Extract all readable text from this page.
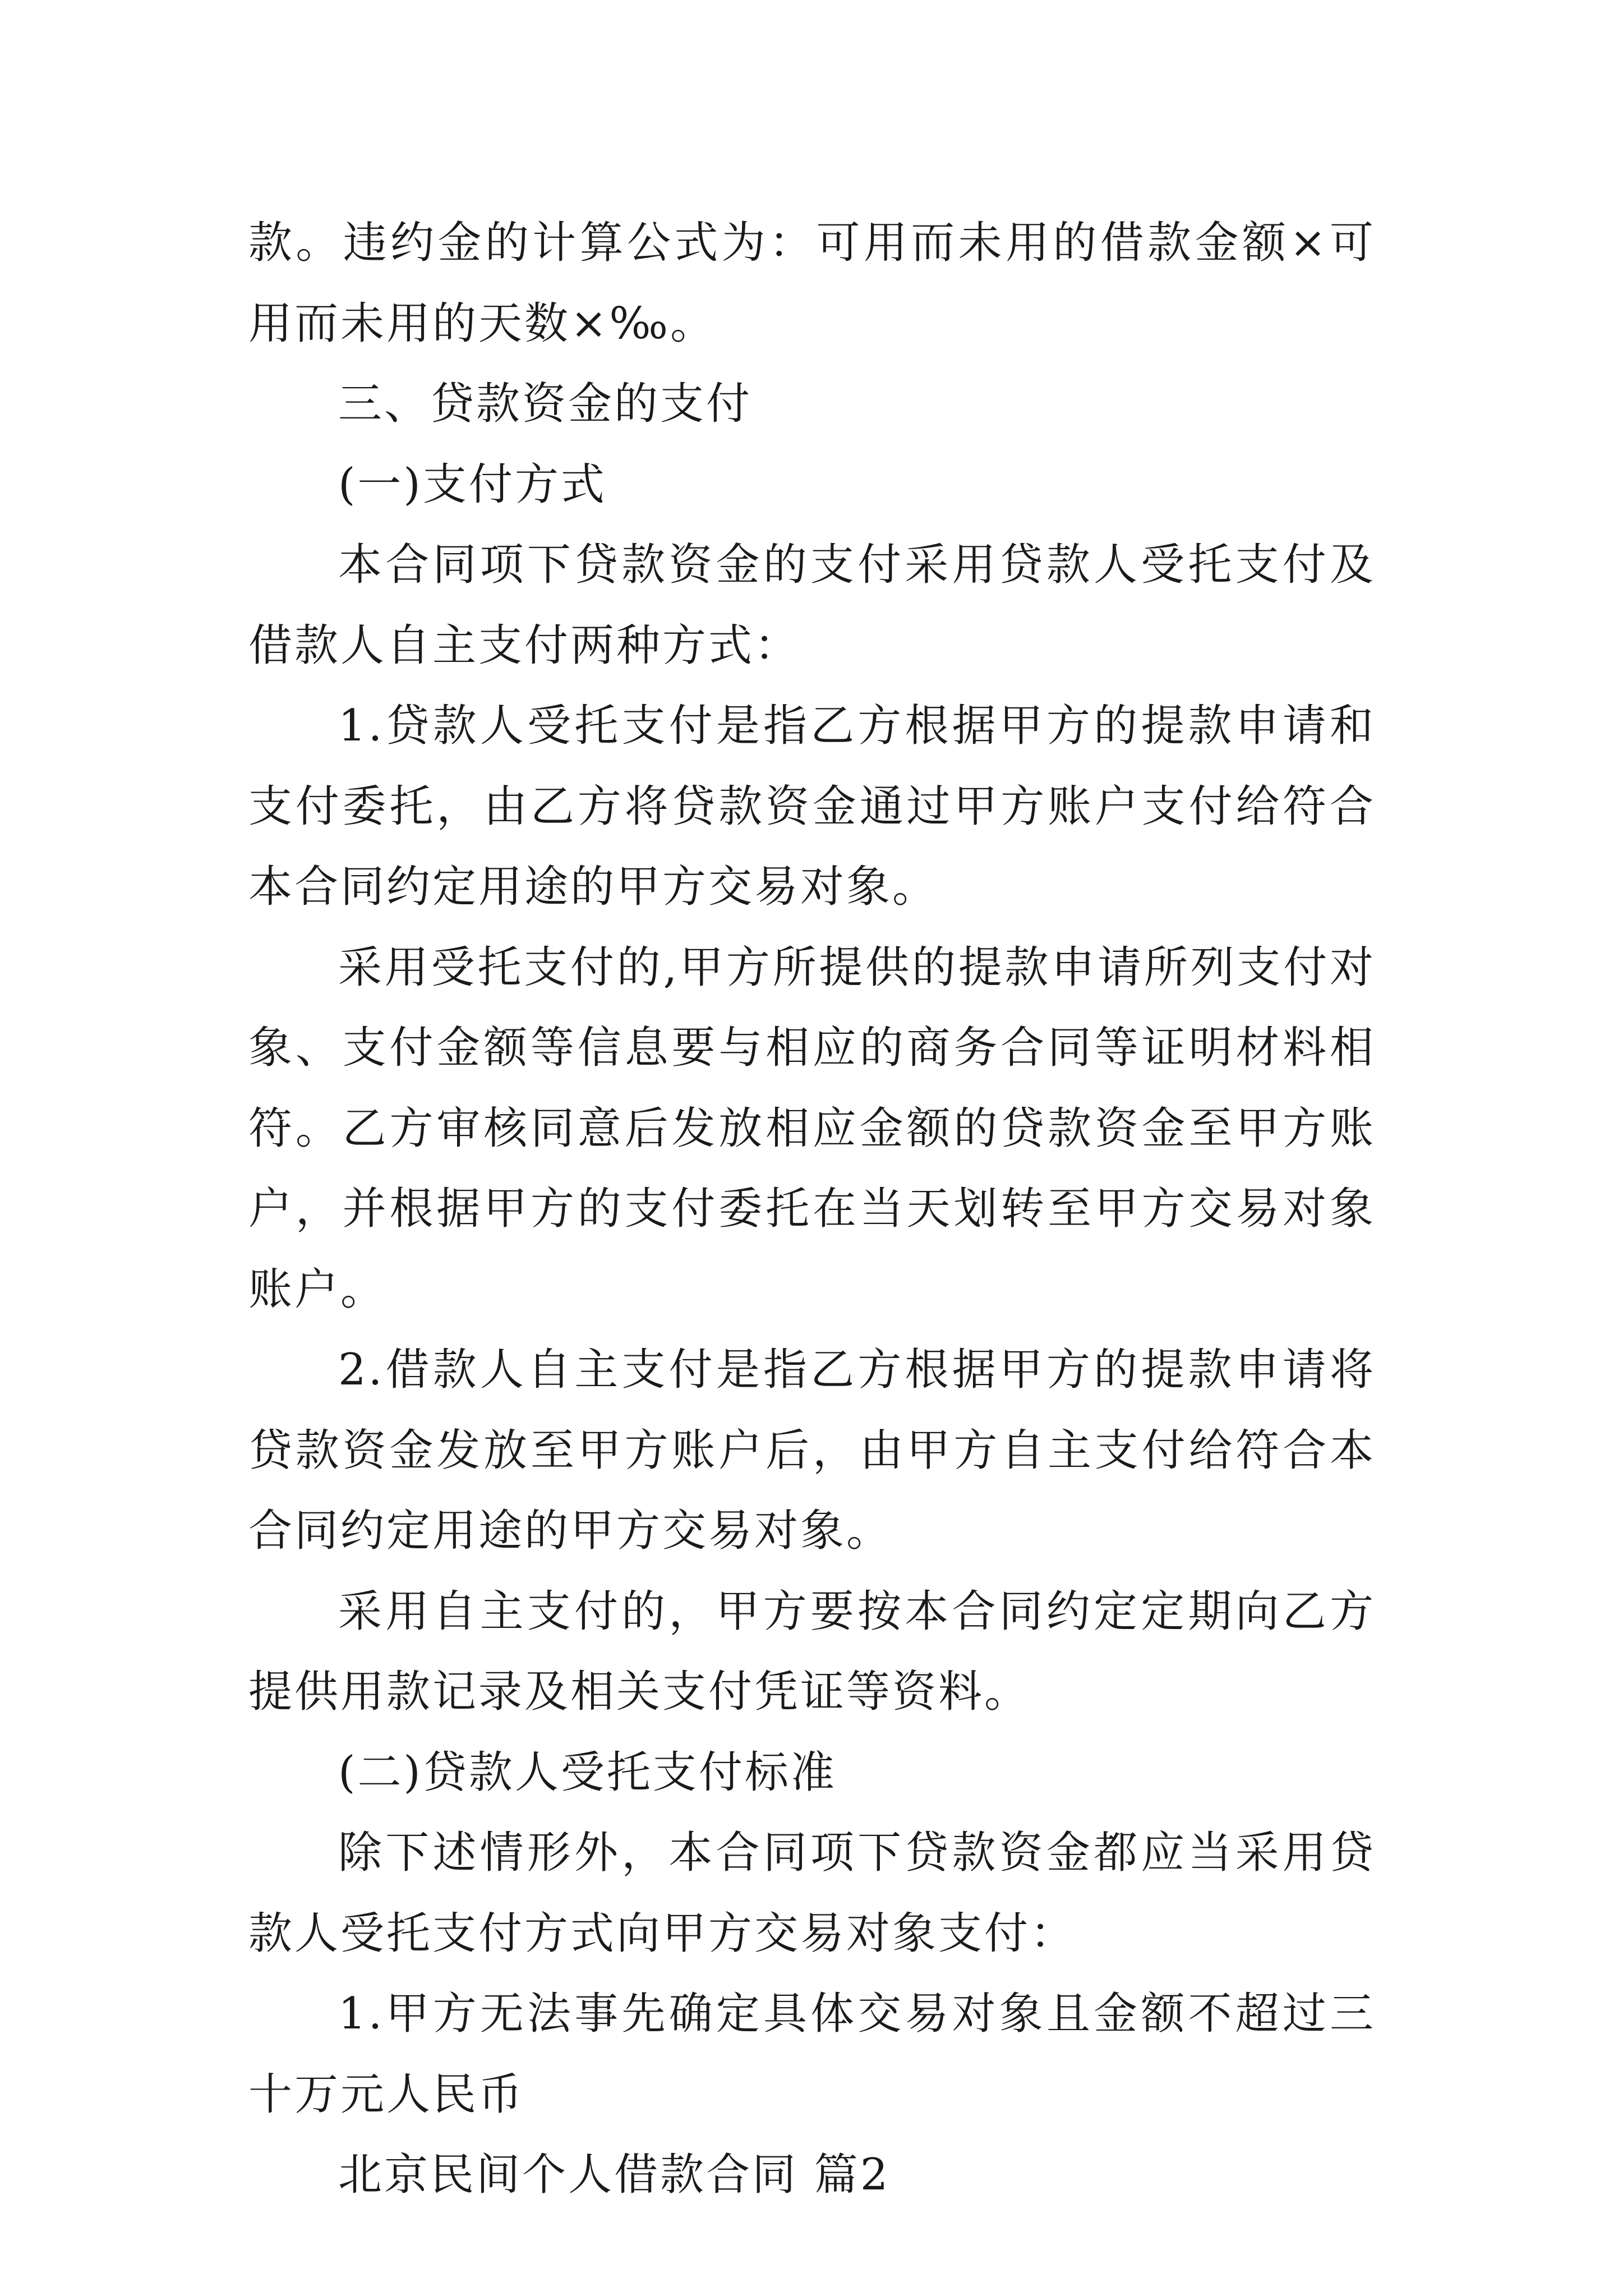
款。违约金的计算公式为：可用而未用的借款金额×可用而未用的天数×‰。

三、贷款资金的支付

(一)支付方式

本合同项下贷款资金的支付采用贷款人受托支付及借款人自主支付两种方式：

1.贷款人受托支付是指乙方根据甲方的提款申请和支付委托，由乙方将贷款资金通过甲方账户支付给符合本合同约定用途的甲方交易对象。

采用受托支付的,甲方所提供的提款申请所列支付对象、支付金额等信息要与相应的商务合同等证明材料相符。乙方审核同意后发放相应金额的贷款资金至甲方账户，并根据甲方的支付委托在当天划转至甲方交易对象账户。

2.借款人自主支付是指乙方根据甲方的提款申请将贷款资金发放至甲方账户后，由甲方自主支付给符合本合同约定用途的甲方交易对象。

采用自主支付的，甲方要按本合同约定定期向乙方提供用款记录及相关支付凭证等资料。

(二)贷款人受托支付标准

除下述情形外，本合同项下贷款资金都应当采用贷款人受托支付方式向甲方交易对象支付：

1.甲方无法事先确定具体交易对象且金额不超过三十万元人民币

北京民间个人借款合同 篇2
